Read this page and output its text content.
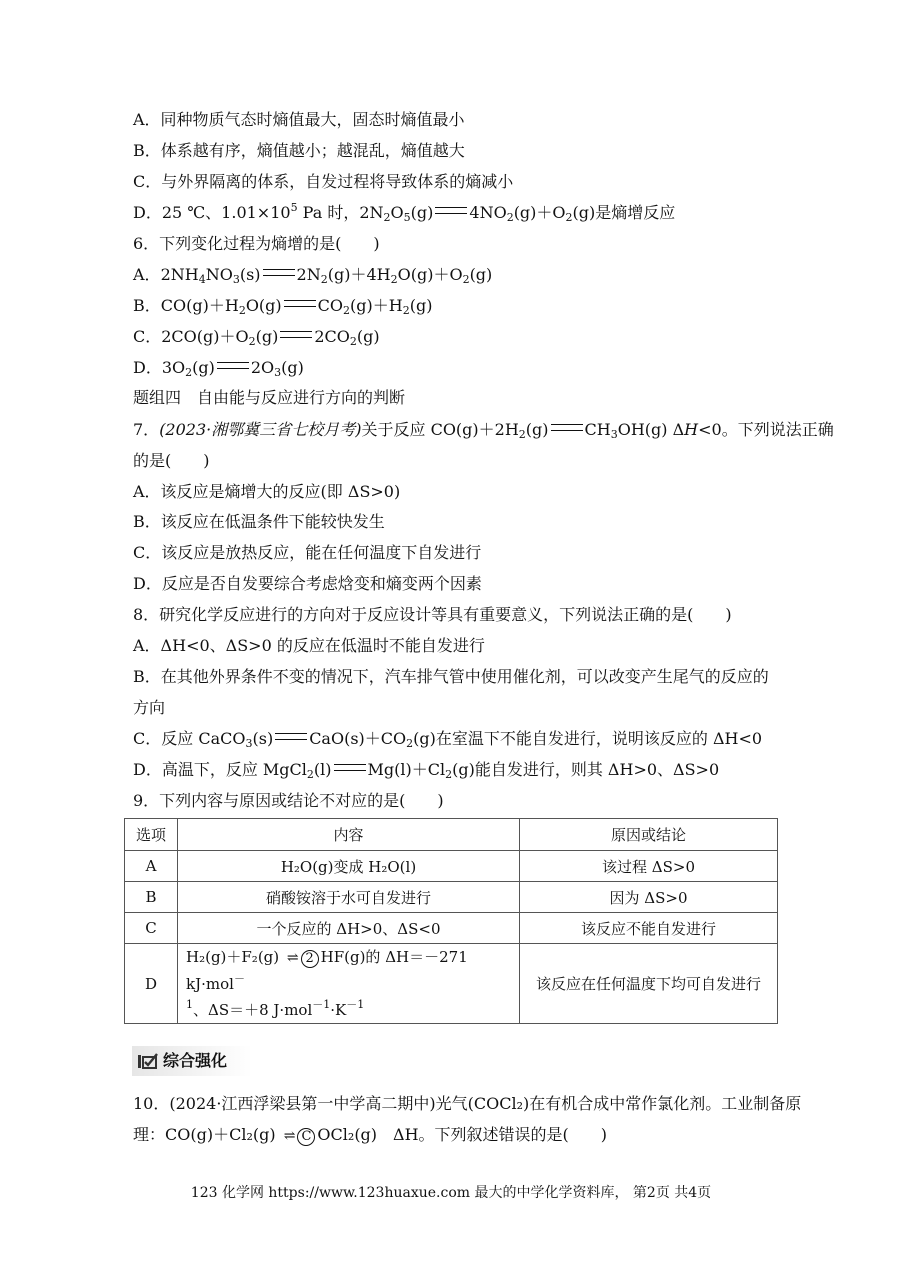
A．同种物质气态时熵值最大，固态时熵值最小
B．体系越有序，熵值越小；越混乱，熵值越大
C．与外界隔离的体系，自发过程将导致体系的熵减小
D．25 ℃、$1.01\times 10^5$ Pa 时，$2N_2O_5(g)$ $4NO_2(g)+O_2(g)$是熵增反应
6．下列变化过程为熵增的是(　　)
A．$2NH_4NO_3(s)$ $2N_2(g)+4H_2O(g)+O_2(g)$
B．$CO(g)+H_2O(g)$ $CO_2(g)+H_2(g)$
C．$2CO(g)+O_2(g)$ $2CO_2(g)$
D．$3O_2(g)$ $2O_3(g)$
题组四　自由能与反应进行方向的判断
7．(2023·湘鄂冀三省七校月考)关于反应 $CO(g)+2H_2(g)$ $CH_3OH(g)$ ΔH<0。下列说法正确
的是(　　)
A．该反应是熵增大的反应(即 ΔS>0)
B．该反应在低温条件下能较快发生
C．该反应是放热反应，能在任何温度下自发进行
D．反应是否自发要综合考虑焓变和熵变两个因素
8．研究化学反应进行的方向对于反应设计等具有重要意义，下列说法正确的是(　　)
A．ΔH<0、ΔS>0 的反应在低温时不能自发进行
B．在其他外界条件不变的情况下，汽车排气管中使用催化剂，可以改变产生尾气的反应的
方向
C．反应 CaCO$_3$(s) $CaO(s)+CO_2(g)$在室温下不能自发进行，说明该反应的 ΔH<0
D．高温下，反应 MgCl$_2$(l) $Mg(l)+Cl_2(g)$能自发进行，则其 ΔH>0、ΔS>0
9．下列内容与原因或结论不对应的是(　　)
选项	内容	原因或结论
A	H₂O(g)变成 H₂O(l)	该过程 ΔS>0
B	硝酸铵溶于水可自发进行	因为 ΔS>0
C	一个反应的 ΔH>0、ΔS<0	该反应不能自发进行
D	H₂(g)＋F₂(g) ⇌ 2 HF(g)的 ΔH＝－271 kJ·mol－
$^1$、ΔS＝＋8 $J\cdot mol^{-1}\cdot K^{-1}$	该反应在任何温度下均可自发进行
综合强化
10．(2024·江西浮梁县第一中学高二期中)光气(COCl₂)在有机合成中常作氯化剂。工业制备原
理：CO(g)＋Cl₂(g) ⇌ C OCl₂(g)　ΔH。下列叙述错误的是(　　)
123 化学网 https://www.123huaxue.com 最大的中学化学资料库， 第2页 共4页
